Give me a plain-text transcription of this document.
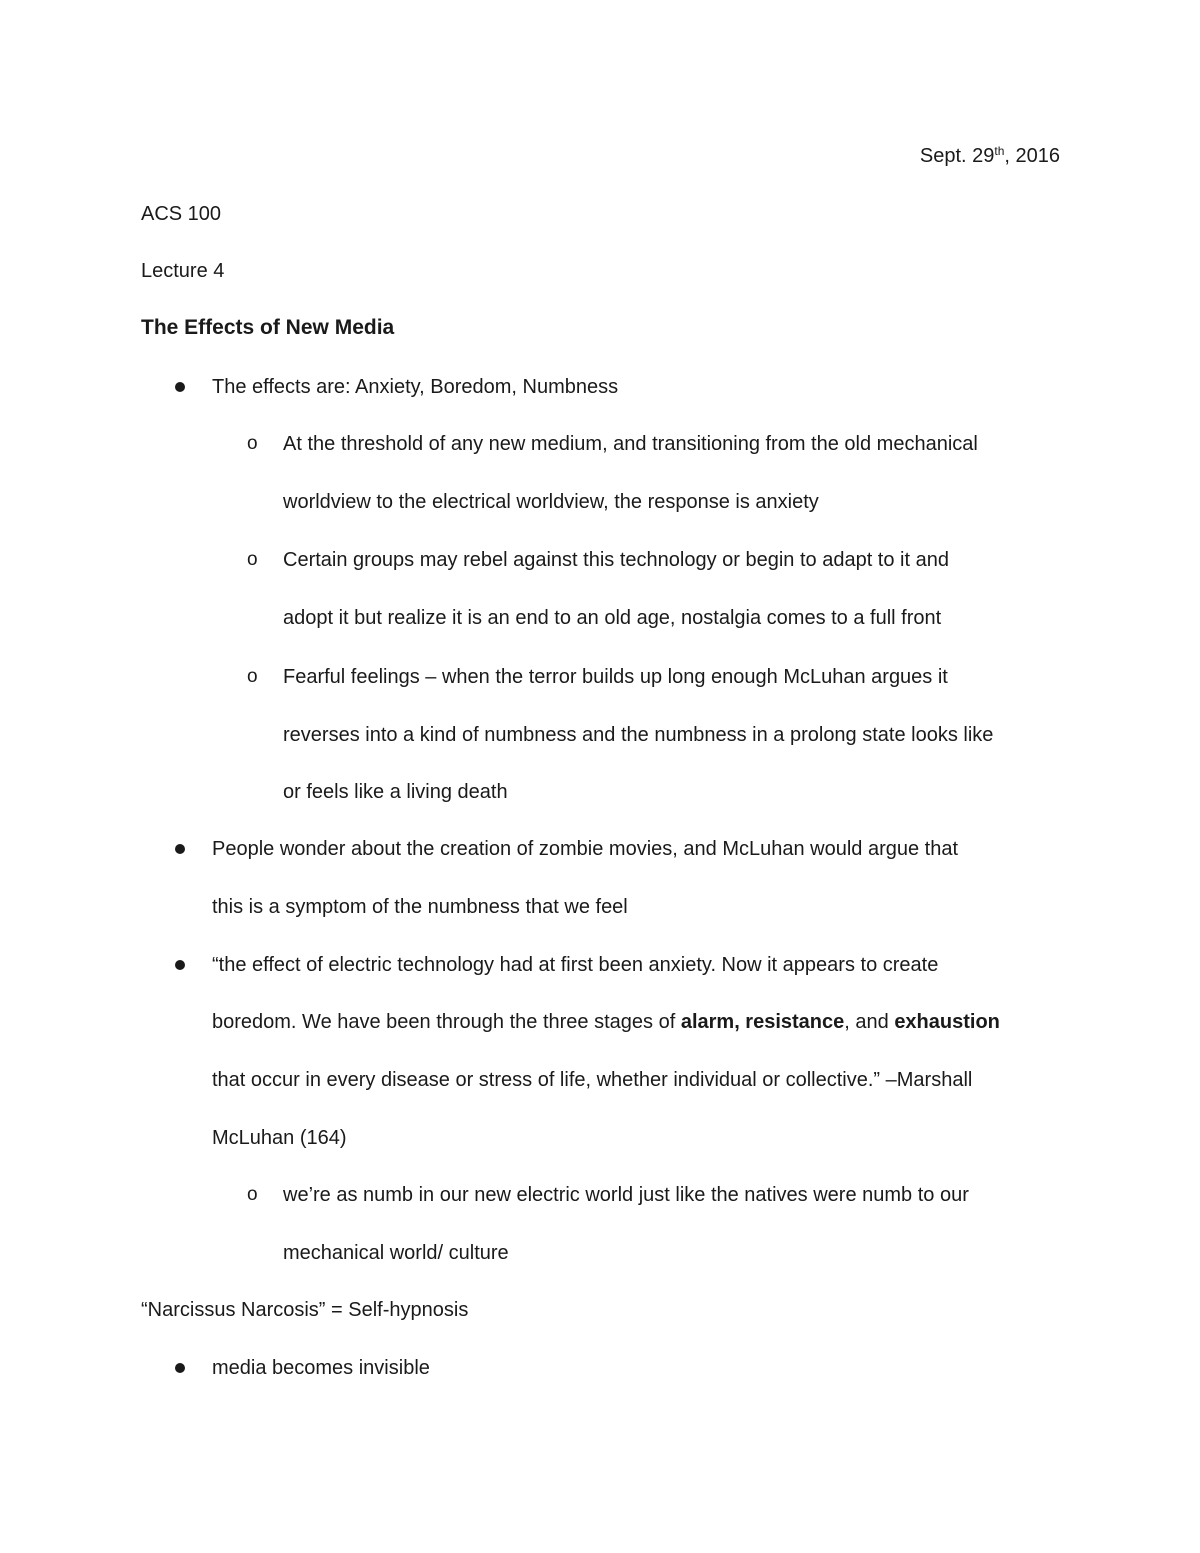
Sept. 29th, 2016
ACS 100
Lecture 4
The Effects of New Media
The effects are: Anxiety, Boredom, Numbness
o At the threshold of any new medium, and transitioning from the old mechanical
worldview to the electrical worldview, the response is anxiety
o Certain groups may rebel against this technology or begin to adapt to it and
adopt it but realize it is an end to an old age, nostalgia comes to a full front
o Fearful feelings – when the terror builds up long enough McLuhan argues it
reverses into a kind of numbness and the numbness in a prolong state looks like
or feels like a living death
People wonder about the creation of zombie movies, and McLuhan would argue that
this is a symptom of the numbness that we feel
“the effect of electric technology had at first been anxiety. Now it appears to create
boredom. We have been through the three stages of alarm, resistance, and exhaustion
that occur in every disease or stress of life, whether individual or collective.” –Marshall
McLuhan (164)
o we’re as numb in our new electric world just like the natives were numb to our
mechanical world/ culture
“Narcissus Narcosis” = Self-hypnosis
media becomes invisible
